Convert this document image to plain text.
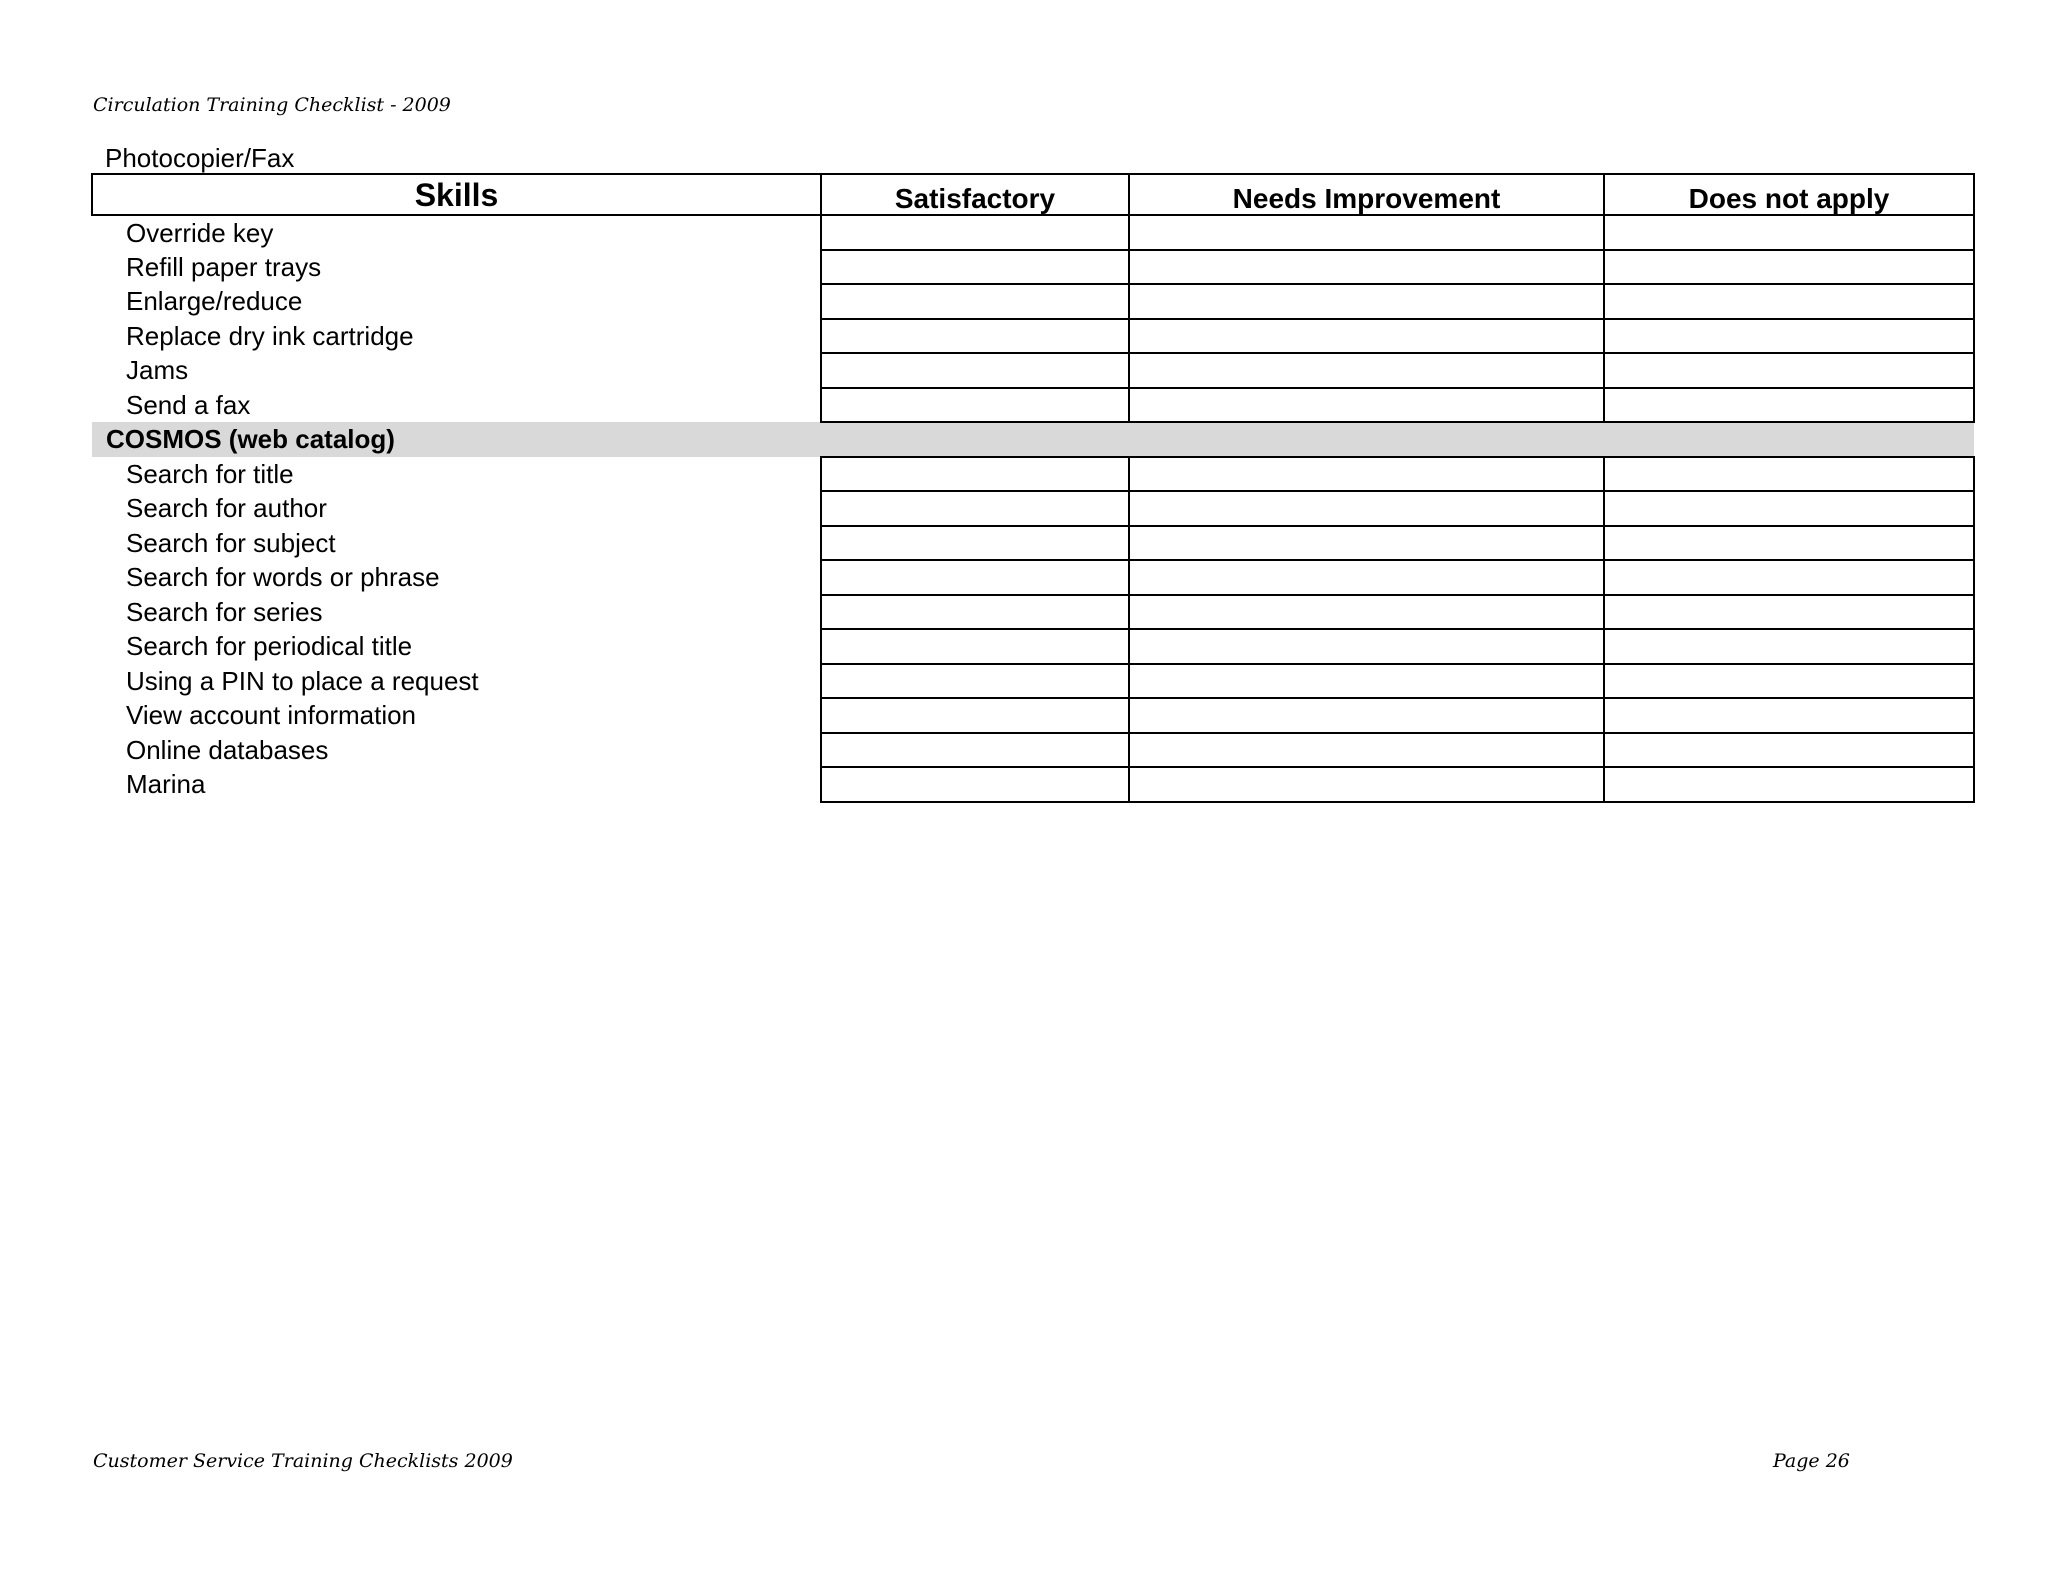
Circulation Training Checklist - 2009
Photocopier/Fax
Skills	Satisfactory	Needs Improvement	Does not apply
Override key			
Refill paper trays			
Enlarge/reduce			
Replace dry ink cartridge			
Jams			
Send a fax			
COSMOS (web catalog)			
Search for title			
Search for author			
Search for subject			
Search for words or phrase			
Search for series			
Search for periodical title			
Using a PIN to place a request			
View account information			
Online databases			
Marina			
Customer Service Training Checklists 2009	Page 26
